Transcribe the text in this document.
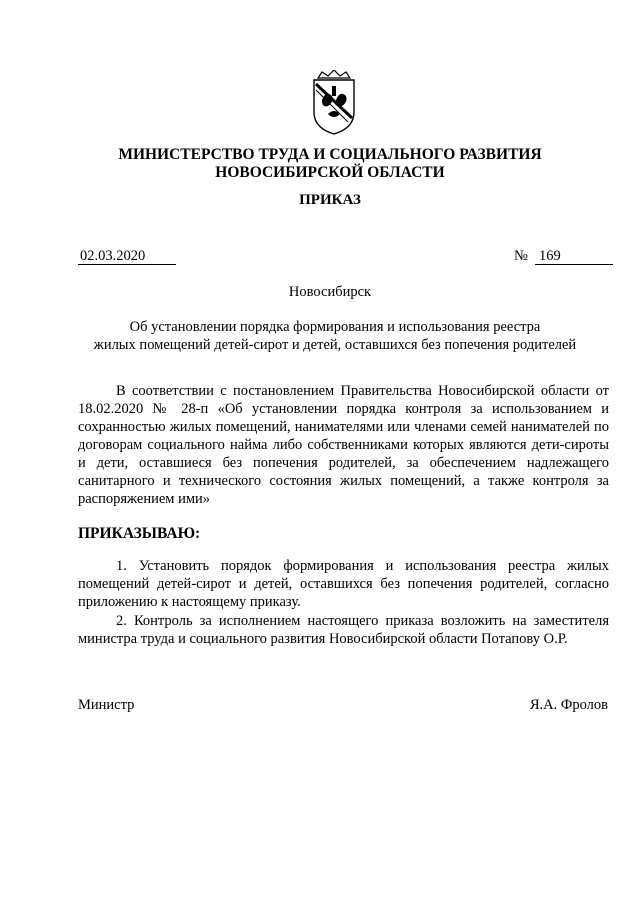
МИНИСТЕРСТВО ТРУДА И СОЦИАЛЬНОГО РАЗВИТИЯ
НОВОСИБИРСКОЙ ОБЛАСТИ
ПРИКАЗ
02.03.2020	№ 169
Новосибирск
Об установлении порядка формирования и использования реестра
жилых помещений детей-сирот и детей, оставшихся без попечения родителей
В соответствии с постановлением Правительства Новосибирской области от 18.02.2020 № 28-п «Об установлении порядка контроля за использованием и сохранностью жилых помещений, нанимателями или членами семей нанимателей по договорам социального найма либо собственниками которых являются дети-сироты и дети, оставшиеся без попечения родителей, за обеспечением надлежащего санитарного и технического состояния жилых помещений, а также контроля за распоряжением ими»
ПРИКАЗЫВАЮ:
1. Установить порядок формирования и использования реестра жилых помещений детей-сирот и детей, оставшихся без попечения родителей, согласно приложению к настоящему приказу.
2. Контроль за исполнением настоящего приказа возложить на заместителя министра труда и социального развития Новосибирской области Потапову О.Р.
Министр	Я.А. Фролов
